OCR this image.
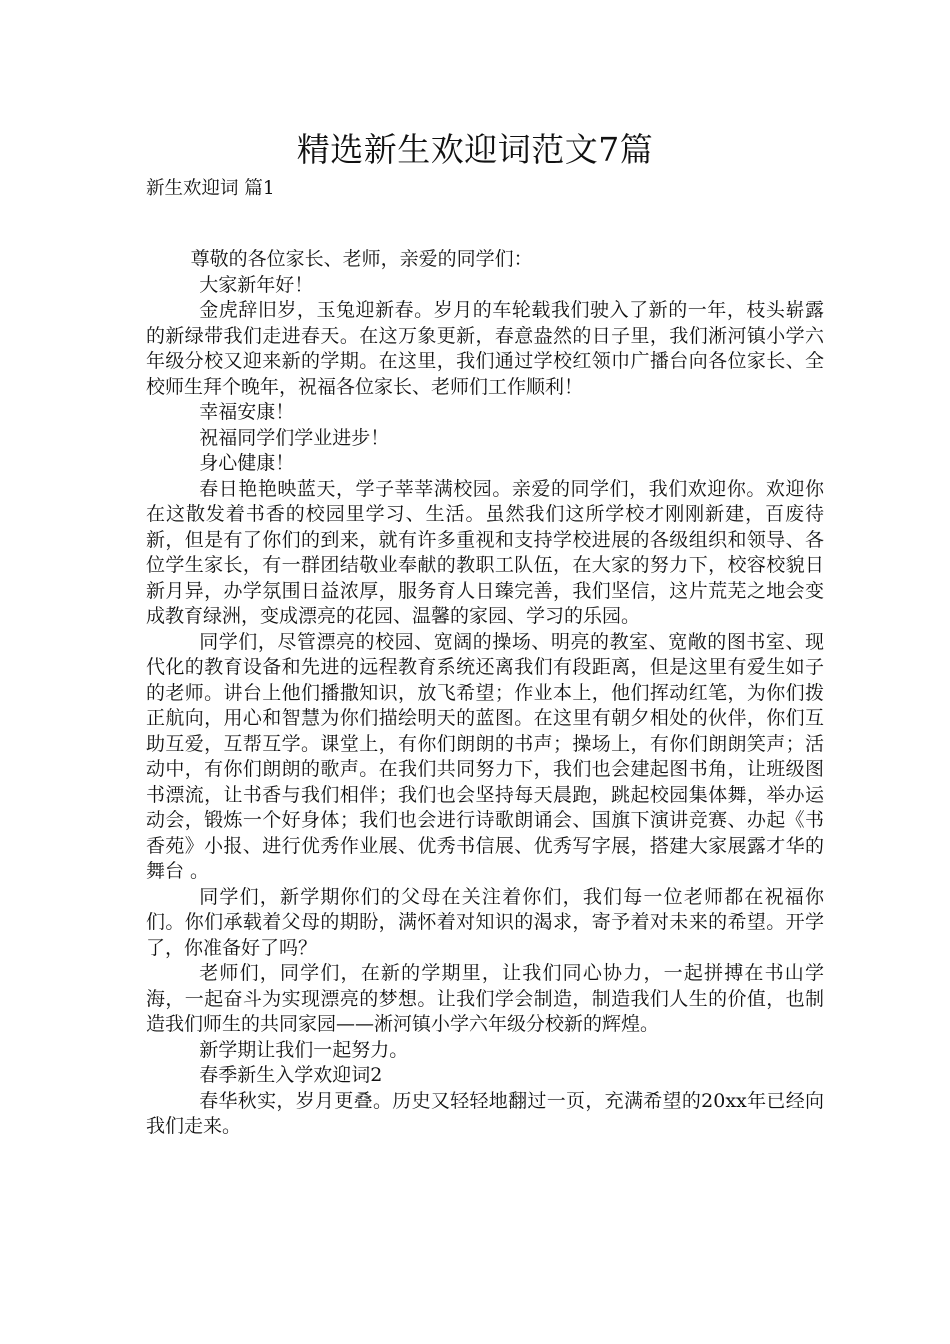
精选新生欢迎词范文7篇
新生欢迎词 篇1

尊敬的各位家长、老师，亲爱的同学们：

大家新年好！

金虎辞旧岁，玉兔迎新春。岁月的车轮载我们驶入了新的一年，枝头崭露的新绿带我们走进春天。在这万象更新，春意盎然的日子里，我们淅河镇小学六年级分校又迎来新的学期。在这里，我们通过学校红领巾广播台向各位家长、全校师生拜个晚年，祝福各位家长、老师们工作顺利！

幸福安康！

祝福同学们学业进步！

身心健康！

春日艳艳映蓝天，学子莘莘满校园。亲爱的同学们，我们欢迎你。欢迎你在这散发着书香的校园里学习、生活。虽然我们这所学校才刚刚新建，百废待新，但是有了你们的到来，就有许多重视和支持学校进展的各级组织和领导、各位学生家长，有一群团结敬业奉献的教职工队伍，在大家的努力下，校容校貌日新月异，办学氛围日益浓厚，服务育人日臻完善，我们坚信，这片荒芜之地会变成教育绿洲，变成漂亮的花园、温馨的家园、学习的乐园。

同学们，尽管漂亮的校园、宽阔的操场、明亮的教室、宽敞的图书室、现代化的教育设备和先进的远程教育系统还离我们有段距离，但是这里有爱生如子的老师。讲台上他们播撒知识，放飞希望；作业本上，他们挥动红笔，为你们拨正航向，用心和智慧为你们描绘明天的蓝图。在这里有朝夕相处的伙伴，你们互助互爱，互帮互学。课堂上，有你们朗朗的书声；操场上，有你们朗朗笑声；活动中，有你们朗朗的歌声。在我们共同努力下，我们也会建起图书角，让班级图书漂流，让书香与我们相伴；我们也会坚持每天晨跑，跳起校园集体舞，举办运动会，锻炼一个好身体；我们也会进行诗歌朗诵会、国旗下演讲竞赛、办起《书香苑》小报、进行优秀作业展、优秀书信展、优秀写字展，搭建大家展露才华的舞台 。

同学们，新学期你们的父母在关注着你们，我们每一位老师都在祝福你们。你们承载着父母的期盼，满怀着对知识的渴求，寄予着对未来的希望。开学了，你准备好了吗？

老师们，同学们，在新的学期里，让我们同心协力，一起拼搏在书山学海，一起奋斗为实现漂亮的梦想。让我们学会制造，制造我们人生的价值，也制造我们师生的共同家园——淅河镇小学六年级分校新的辉煌。

新学期让我们一起努力。

春季新生入学欢迎词2

春华秋实，岁月更叠。历史又轻轻地翻过一页，充满希望的20xx年已经向我们走来。
